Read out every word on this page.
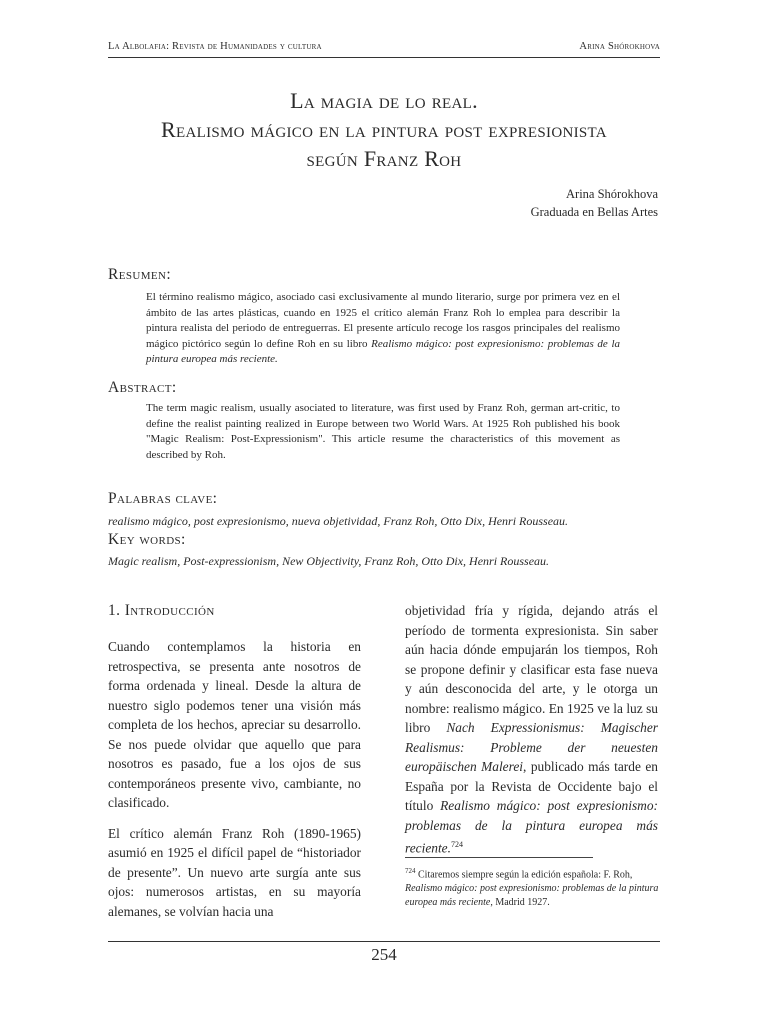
La Albolafia: Revista de Humanidades y cultura	Arina Shórokhova
La magia de lo real.
Realismo mágico en la pintura post expresionista
según Franz Roh
Arina Shórokhova
Graduada en Bellas Artes
Resumen:
El término realismo mágico, asociado casi exclusivamente al mundo literario, surge por primera vez en el ámbito de las artes plásticas, cuando en 1925 el crítico alemán Franz Roh lo emplea para describir la pintura realista del periodo de entreguerras. El presente artículo recoge los rasgos principales del realismo mágico pictórico según lo define Roh en su libro Realismo mágico: post expresionismo: problemas de la pintura europea más reciente.
Abstract:
The term magic realism, usually asociated to literature, was first used by Franz Roh, german art-critic, to define the realist painting realized in Europe between two World Wars. At 1925 Roh published his book "Magic Realism: Post-Expressionism". This article resume the characteristics of this movement as described by Roh.
Palabras clave:
realismo mágico, post expresionismo, nueva objetividad, Franz Roh, Otto Dix, Henri Rousseau.
Key words:
Magic realism, Post-expressionism, New Objectivity, Franz Roh, Otto Dix, Henri Rousseau.
1. Introducción

Cuando contemplamos la historia en retrospectiva, se presenta ante nosotros de forma ordenada y lineal. Desde la altura de nuestro siglo podemos tener una visión más completa de los hechos, apreciar su desarrollo. Se nos puede olvidar que aquello que para nosotros es pasado, fue a los ojos de sus contemporáneos presente vivo, cambiante, no clasificado.

El crítico alemán Franz Roh (1890-1965) asumió en 1925 el difícil papel de “historiador de presente”. Un nuevo arte surgía ante sus ojos: numerosos artistas, en su mayoría alemanes, se volvían hacia una

objetividad fría y rígida, dejando atrás el período de tormenta expresionista. Sin saber aún hacia dónde empujarán los tiempos, Roh se propone definir y clasificar esta fase nueva y aún desconocida del arte, y le otorga un nombre: realismo mágico. En 1925 ve la luz su libro Nach Expressionismus: Magischer Realismus: Probleme der neuesten europäischen Malerei, publicado más tarde en España por la Revista de Occidente bajo el título Realismo mágico: post expresionismo: problemas de la pintura europea más reciente.$^{724}$

$^{724}$ Citaremos siempre según la edición española: F. Roh, Realismo mágico: post expresionismo: problemas de la pintura europea más reciente, Madrid 1927.
254
